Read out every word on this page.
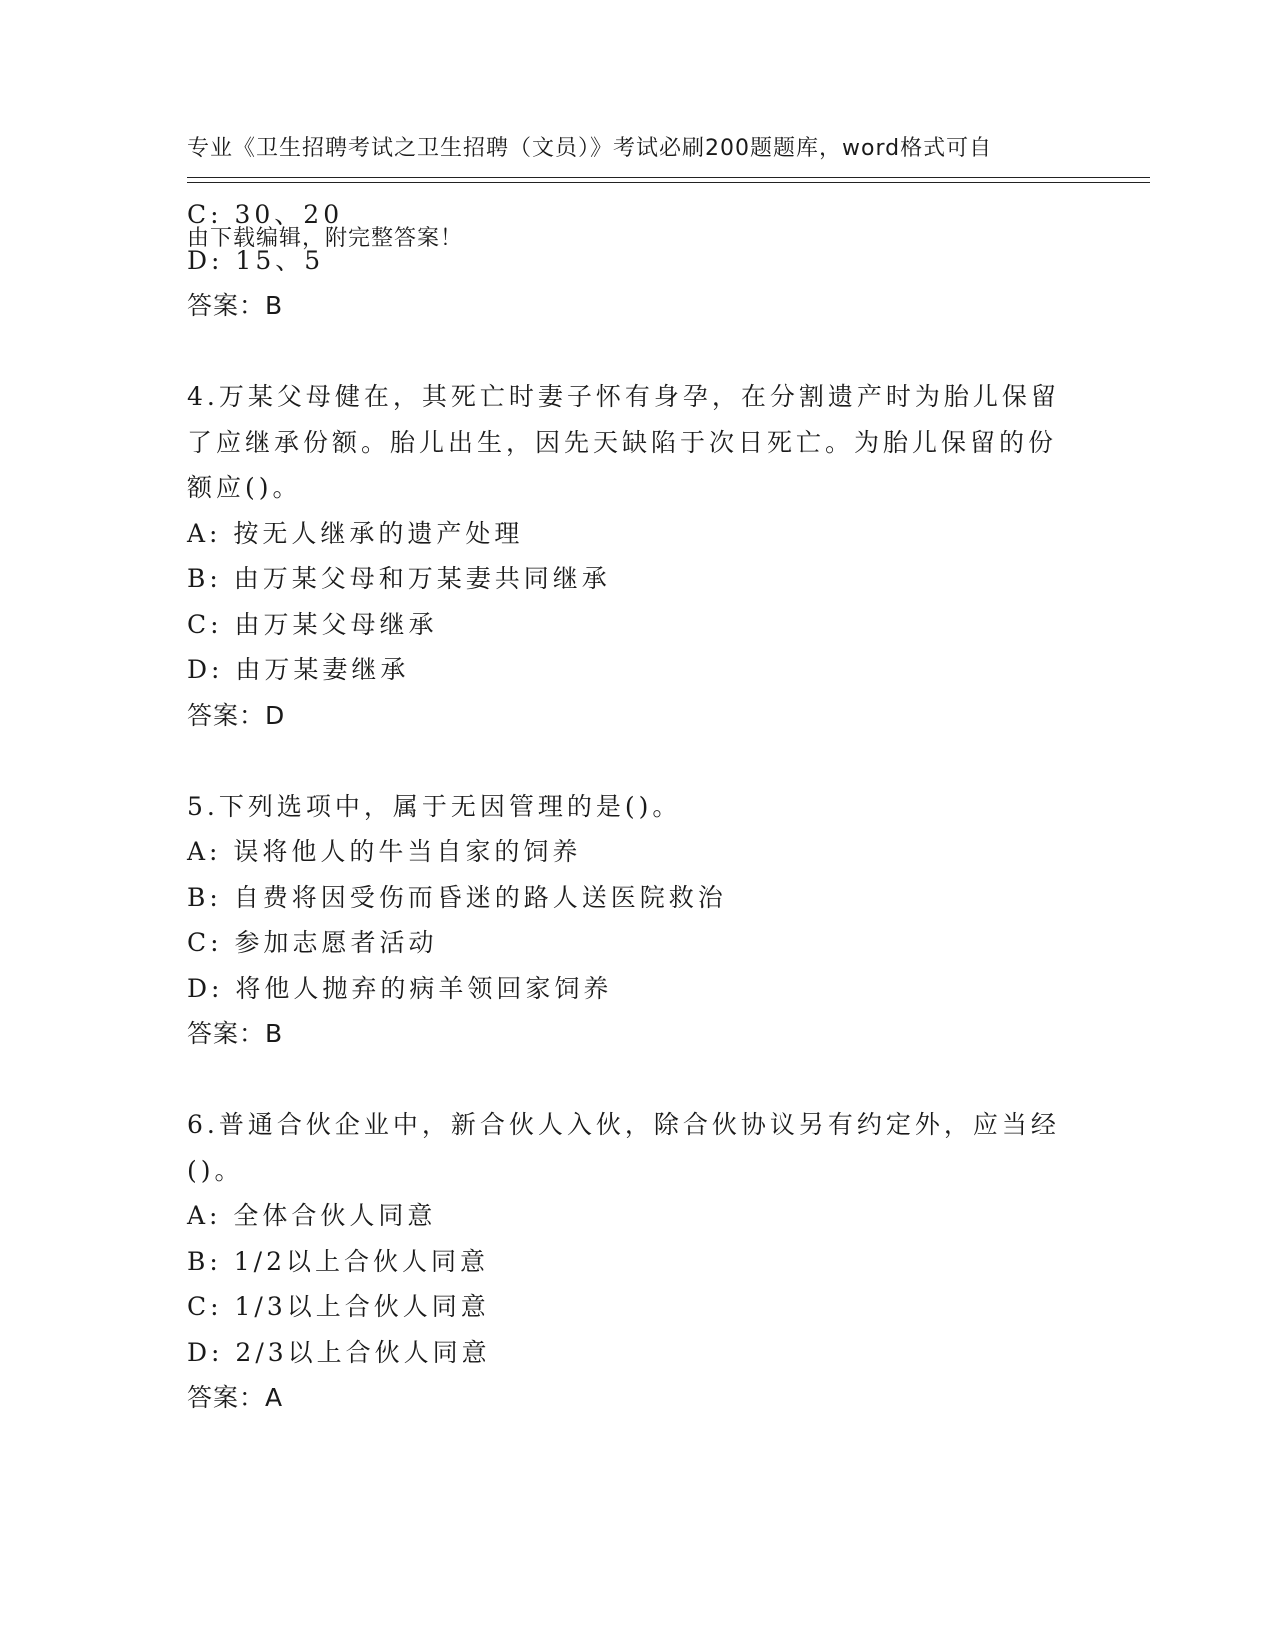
专业《卫生招聘考试之卫生招聘（文员）》考试必刷200题题库，word格式可自

由下载编辑，附完整答案！

C: 30、20
D: 15、5
答案：B
4.万某父母健在，其死亡时妻子怀有身孕，在分割遗产时为胎儿保留
了应继承份额。胎儿出生，因先天缺陷于次日死亡。为胎儿保留的份
额应()。
A: 按无人继承的遗产处理
B: 由万某父母和万某妻共同继承
C: 由万某父母继承
D: 由万某妻继承
答案：D
5.下列选项中，属于无因管理的是()。
A: 误将他人的牛当自家的饲养
B: 自费将因受伤而昏迷的路人送医院救治
C: 参加志愿者活动
D: 将他人抛弃的病羊领回家饲养
答案：B
6.普通合伙企业中，新合伙人入伙，除合伙协议另有约定外，应当经
()。
A: 全体合伙人同意
B: 1/2以上合伙人同意
C: 1/3以上合伙人同意
D: 2/3以上合伙人同意
答案：A
